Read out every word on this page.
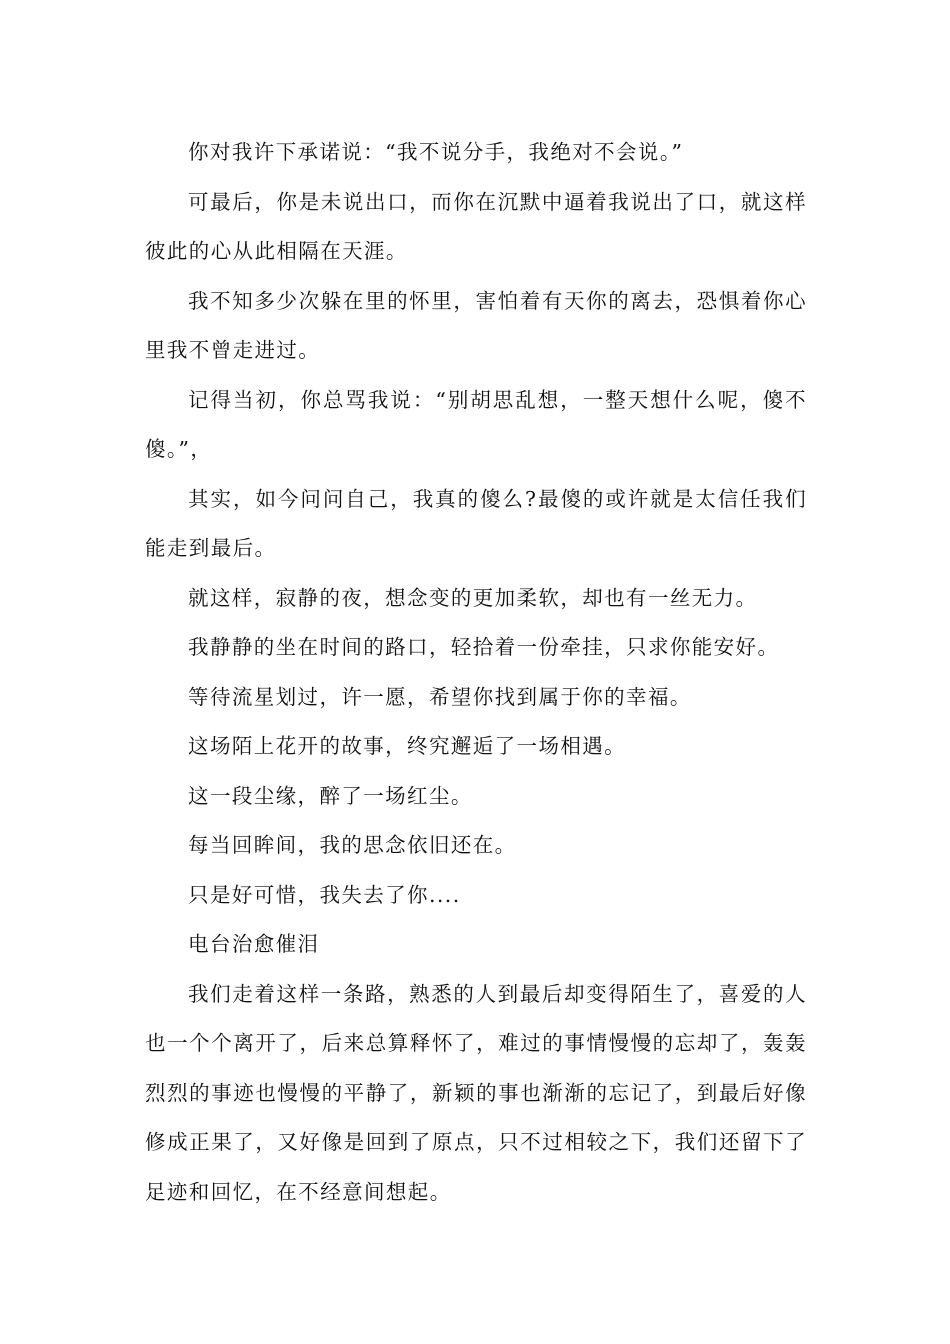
你对我许下承诺说：“我不说分手，我绝对不会说。”

可最后，你是未说出口，而你在沉默中逼着我说出了口，就这样彼此的心从此相隔在天涯。

我不知多少次躲在里的怀里，害怕着有天你的离去，恐惧着你心里我不曾走进过。

记得当初，你总骂我说：“别胡思乱想，一整天想什么呢，傻不傻。”，

其实，如今问问自己，我真的傻么?最傻的或许就是太信任我们能走到最后。

就这样，寂静的夜，想念变的更加柔软，却也有一丝无力。

我静静的坐在时间的路口，轻拾着一份牵挂，只求你能安好。

等待流星划过，许一愿，希望你找到属于你的幸福。

这场陌上花开的故事，终究邂逅了一场相遇。

这一段尘缘，醉了一场红尘。

每当回眸间，我的思念依旧还在。

只是好可惜，我失去了你....

电台治愈催泪

我们走着这样一条路，熟悉的人到最后却变得陌生了，喜爱的人也一个个离开了，后来总算释怀了，难过的事情慢慢的忘却了，轰轰烈烈的事迹也慢慢的平静了，新颖的事也渐渐的忘记了，到最后好像修成正果了，又好像是回到了原点，只不过相较之下，我们还留下了足迹和回忆，在不经意间想起。
